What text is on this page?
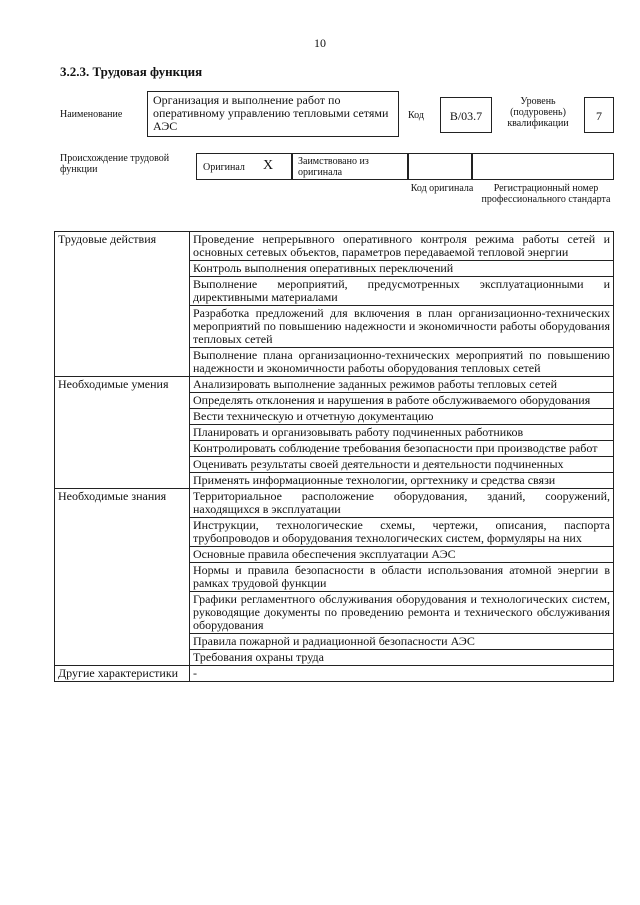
10
3.2.3. Трудовая функция
Наименование
Организация и выполнение работ по оперативному управлению тепловыми сетями АЭС
Код	B/03.7
Уровень (подуровень) квалификации
7
Происхождение трудовой функции	Оригинал X Заимствовано из оригинала
Код оригинала	Регистрационный номер профессионального стандарта
Трудовые действия	Проведение непрерывного оперативного контроля режима работы сетей и основных сетевых объектов, параметров передаваемой тепловой энергии
	Контроль выполнения оперативных переключений
	Выполнение мероприятий, предусмотренных эксплуатационными и директивными материалами
	Разработка предложений для включения в план организационно-технических мероприятий по повышению надежности и экономичности работы оборудования тепловых сетей
	Выполнение плана организационно-технических мероприятий по повышению надежности и экономичности работы оборудования тепловых сетей
Необходимые умения	Анализировать выполнение заданных режимов работы тепловых сетей
	Определять отклонения и нарушения в работе обслуживаемого оборудования
	Вести техническую и отчетную документацию
	Планировать и организовывать работу подчиненных работников
	Контролировать соблюдение требования безопасности при производстве работ
	Оценивать результаты своей деятельности и деятельности подчиненных
	Применять информационные технологии, оргтехнику и средства связи
Необходимые знания	Территориальное расположение оборудования, зданий, сооружений, находящихся в эксплуатации
	Инструкции, технологические схемы, чертежи, описания, паспорта трубопроводов и оборудования технологических систем, формуляры на них
	Основные правила обеспечения эксплуатации АЭС
	Нормы и правила безопасности в области использования атомной энергии в рамках трудовой функции
	Графики регламентного обслуживания оборудования и технологических систем, руководящие документы по проведению ремонта и технического обслуживания оборудования
	Правила пожарной и радиационной безопасности АЭС
	Требования охраны труда
Другие характеристики	-
